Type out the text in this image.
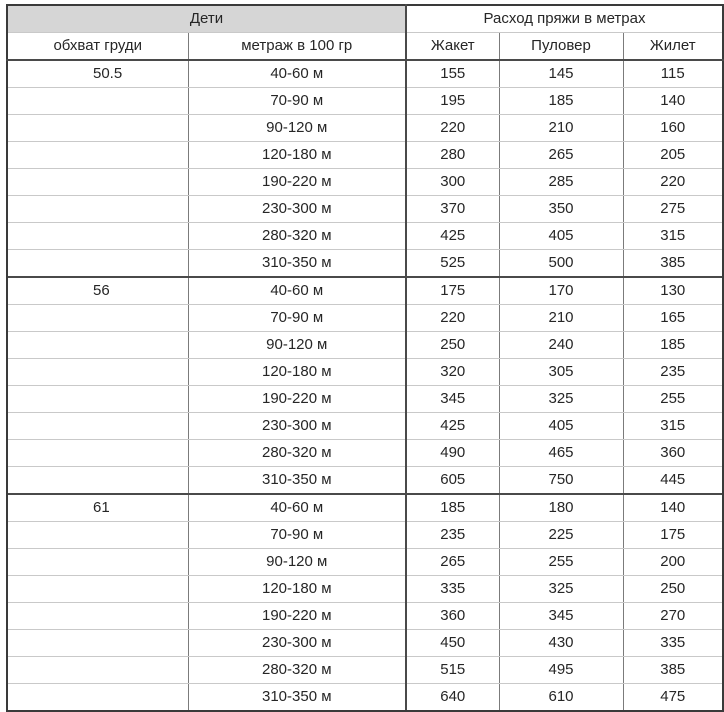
Дети		Расход пряжи в метрах		
обхват груди	метраж в 100 гр	Жакет	Пуловер	Жилет
50.5	40-60 м	155	145	115
	70-90 м	195	185	140
	90-120 м	220	210	160
	120-180 м	280	265	205
	190-220 м	300	285	220
	230-300 м	370	350	275
	280-320 м	425	405	315
	310-350 м	525	500	385
56	40-60 м	175	170	130
	70-90 м	220	210	165
	90-120 м	250	240	185
	120-180 м	320	305	235
	190-220 м	345	325	255
	230-300 м	425	405	315
	280-320 м	490	465	360
	310-350 м	605	750	445
61	40-60 м	185	180	140
	70-90 м	235	225	175
	90-120 м	265	255	200
	120-180 м	335	325	250
	190-220 м	360	345	270
	230-300 м	450	430	335
	280-320 м	515	495	385
	310-350 м	640	610	475
